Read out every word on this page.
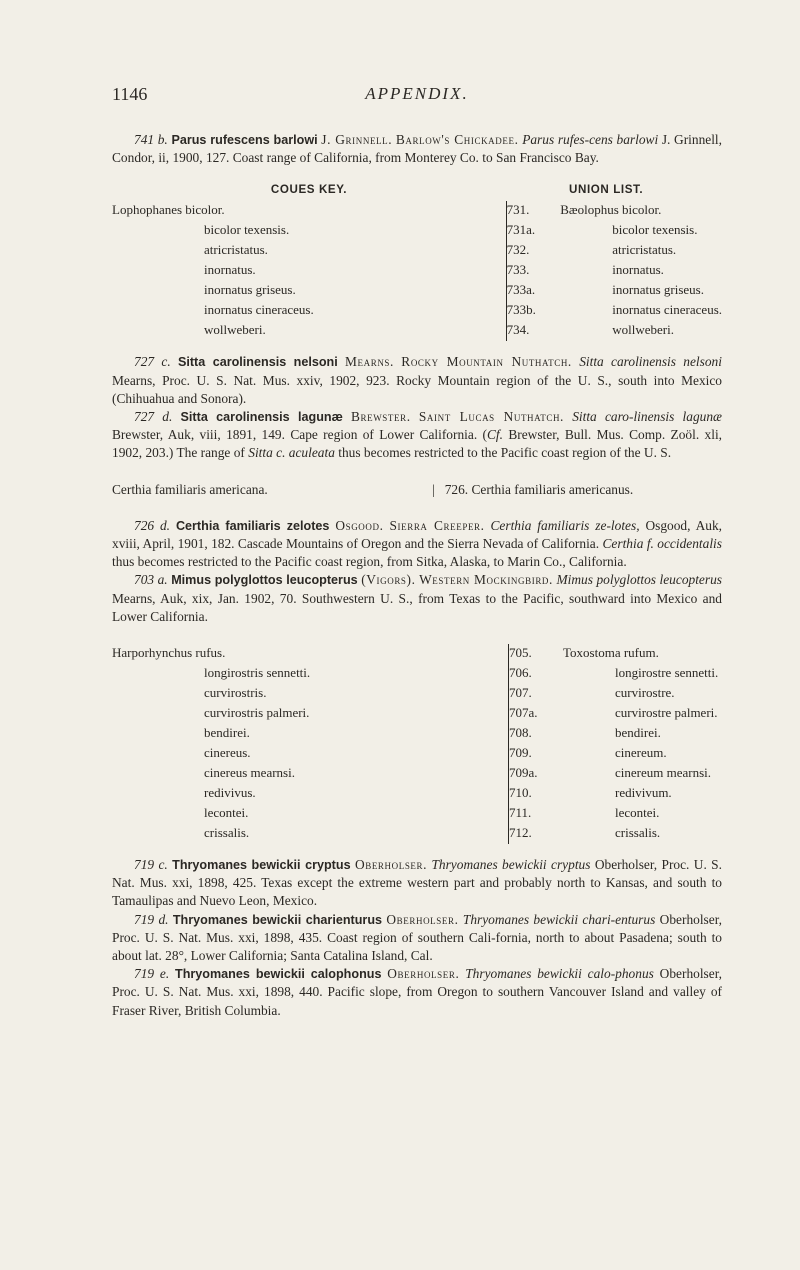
1146	APPENDIX.

741 b. Parus rufescens barlowi J. Grinnell. Barlow's Chickadee. Parus rufes-cens barlowi J. Grinnell, Condor, ii, 1900, 127. Coast range of California, from Monterey Co. to San Francisco Bay.

COUES KEY.		UNION LIST.
Lophophanes bicolor.	731.	Bæolophus bicolor.
bicolor texensis.	731a.	bicolor texensis.
atricristatus.	732.	atricristatus.
inornatus.	733.	inornatus.
inornatus griseus.	733a.	inornatus griseus.
inornatus cineraceus.	733b.	inornatus cineraceus.
wollweberi.	734.	wollweberi.

727 c. Sitta carolinensis nelsoni Mearns. Rocky Mountain Nuthatch. Sitta carolinensis nelsoni Mearns, Proc. U. S. Nat. Mus. xxiv, 1902, 923. Rocky Mountain region of the U. S., south into Mexico (Chihuahua and Sonora).

727 d. Sitta carolinensis lagunæ Brewster. Saint Lucas Nuthatch. Sitta caro-linensis lagunæ Brewster, Auk, viii, 1891, 149. Cape region of Lower California. (Cf. Brewster, Bull. Mus. Comp. Zoöl. xli, 1902, 203.) The range of Sitta c. aculeata thus becomes restricted to the Pacific coast region of the U. S.

Certhia familiaris americana.	| 726. Certhia familiaris americanus.

726 d. Certhia familiaris zelotes Osgood. Sierra Creeper. Certhia familiaris ze-lotes, Osgood, Auk, xviii, April, 1901, 182. Cascade Mountains of Oregon and the Sierra Nevada of California. Certhia f. occidentalis thus becomes restricted to the Pacific coast region, from Sitka, Alaska, to Marin Co., California.

703 a. Mimus polyglottos leucopterus (Vigors). Western Mockingbird. Mimus polyglottos leucopterus Mearns, Auk, xix, Jan. 1902, 70. Southwestern U. S., from Texas to the Pacific, southward into Mexico and Lower California.

Harporhynchus rufus.	705.	Toxostoma rufum.
longirostris sennetti.	706.	longirostre sennetti.
curvirostris.	707.	curvirostre.
curvirostris palmeri.	707a.	curvirostre palmeri.
bendirei.	708.	bendirei.
cinereus.	709.	cinereum.
cinereus mearnsi.	709a.	cinereum mearnsi.
redivivus.	710.	redivivum.
lecontei.	711.	lecontei.
crissalis.	712.	crissalis.

719 c. Thryomanes bewickii cryptus Oberholser. Thryomanes bewickii cryptus Oberholser, Proc. U. S. Nat. Mus. xxi, 1898, 425. Texas except the extreme western part and probably north to Kansas, and south to Tamaulipas and Nuevo Leon, Mexico.

719 d. Thryomanes bewickii charienturus Oberholser. Thryomanes bewickii chari-enturus Oberholser, Proc. U. S. Nat. Mus. xxi, 1898, 435. Coast region of southern Cali-fornia, north to about Pasadena; south to about lat. 28°, Lower California; Santa Catalina Island, Cal.

719 e. Thryomanes bewickii calophonus Oberholser. Thryomanes bewickii calo-phonus Oberholser, Proc. U. S. Nat. Mus. xxi, 1898, 440. Pacific slope, from Oregon to southern Vancouver Island and valley of Fraser River, British Columbia.
